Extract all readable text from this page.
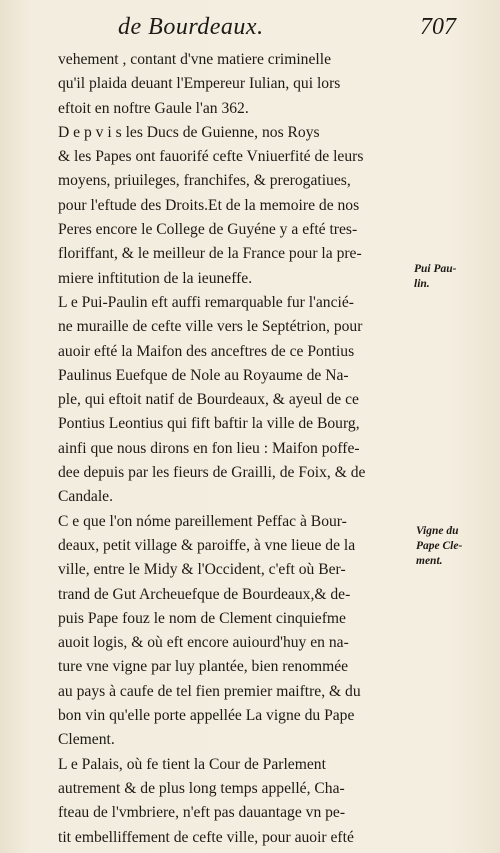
de Bourdeaux.	707
vehement , contant d'vne matiere criminelle
qu'il plaida deuant l'Empereur Iulian, qui lors
eftoit en noftre Gaule l'an 362.
D e p v i s les Ducs de Guienne, nos Roys
& les Papes ont fauorifé cefte Vniuerfité de leurs
moyens, priuileges, franchifes, & prerogatiues,
pour l'eftude des Droits.Et de la memoire de nos
Peres encore le College de Guyéne y a efté tres-
floriffant, & le meilleur de la France pour la pre-
miere inftitution de la ieuneffe.
L e Pui-Paulin eft auffi remarquable fur l'ancié-
ne muraille de cefte ville vers le Septétrion, pour
auoir efté la Maifon des anceftres de ce Pontius
Paulinus Euefque de Nole au Royaume de Na-
ple, qui eftoit natif de Bourdeaux, & ayeul de ce
Pontius Leontius qui fift baftir la ville de Bourg,
ainfi que nous dirons en fon lieu : Maifon poffe-
dee depuis par les fieurs de Grailli, de Foix, & de
Candale.
C e que l'on nóme pareillement Peffac à Bour-
deaux, petit village & paroiffe, à vne lieue de la
ville, entre le Midy & l'Occident, c'eft où Ber-
trand de Gut Archeuefque de Bourdeaux,& de-
puis Pape fouz le nom de Clement cinquiefme
auoit logis, & où eft encore auiourd'huy en na-
ture vne vigne par luy plantée, bien renommée
au pays à caufe de tel fien premier maiftre, & du
bon vin qu'elle porte appellée La vigne du Pape
Clement.
L e Palais, où fe tient la Cour de Parlement
autrement & de plus long temps appellé, Cha-
fteau de l'vmbriere, n'eft pas dauantage vn pe-
tit embelliffement de cefte ville, pour auoir efté
Pui Pau-
lin.
Vigne du
Pape Cle-
ment.
